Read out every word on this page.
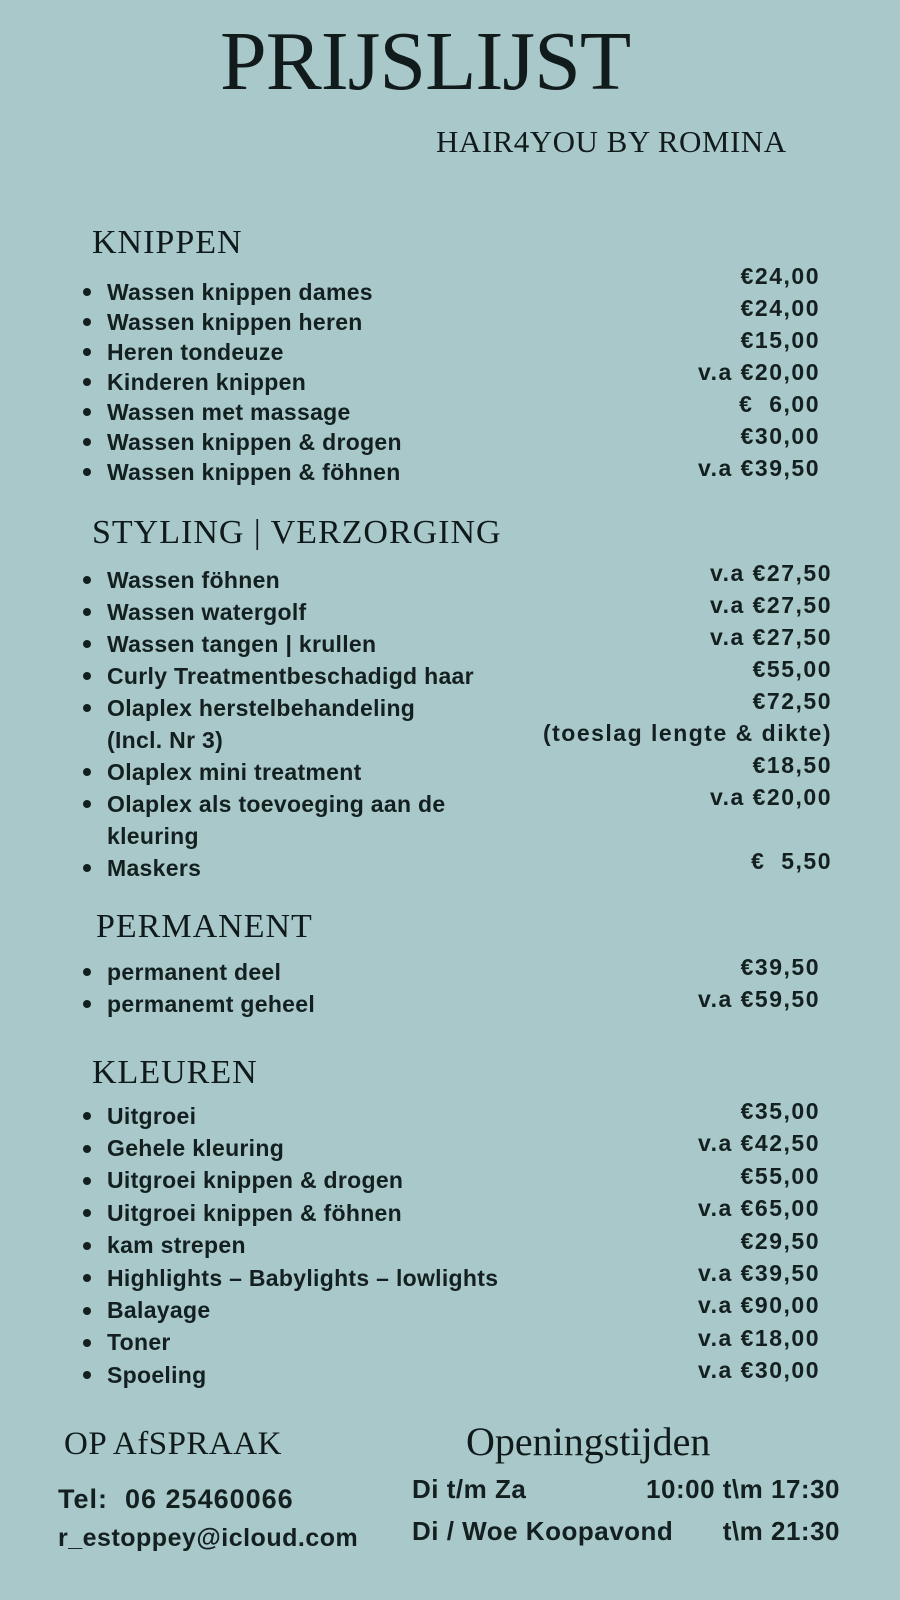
PRIJSLIJST
HAIR4YOU BY ROMINA
KNIPPEN
Wassen knippen dames
Wassen knippen heren
Heren tondeuze
Kinderen knippen
Wassen met massage
Wassen knippen & drogen
Wassen knippen & föhnen
€24,00
€24,00
€15,00
v.a €20,00
€  6,00
€30,00
v.a €39,50
STYLING | VERZORGING
Wassen föhnen
Wassen watergolf
Wassen tangen | krullen
Curly Treatmentbeschadigd haar
Olaplex herstelbehandeling
(Incl. Nr 3)
Olaplex mini treatment
Olaplex als toevoeging aan de
kleuring
Maskers
v.a €27,50
v.a €27,50
v.a €27,50
€55,00
€72,50
(toeslag lengte & dikte)
€18,50
v.a €20,00
€  5,50
PERMANENT
permanent deel
permanemt geheel
€39,50
v.a €59,50
KLEUREN
Uitgroei
Gehele kleuring
Uitgroei knippen & drogen
Uitgroei knippen & föhnen
kam strepen
Highlights – Babylights – lowlights
Balayage
Toner
Spoeling
€35,00
v.a €42,50
€55,00
v.a €65,00
€29,50
v.a €39,50
v.a €90,00
v.a €18,00
v.a €30,00
OP AfSPRAAK
Tel:  06 25460066
r_estoppey@icloud.com
Openingstijden
Di t/m Za	10:00 t\m 17:30
Di / Woe Koopavond t\m 21:30
